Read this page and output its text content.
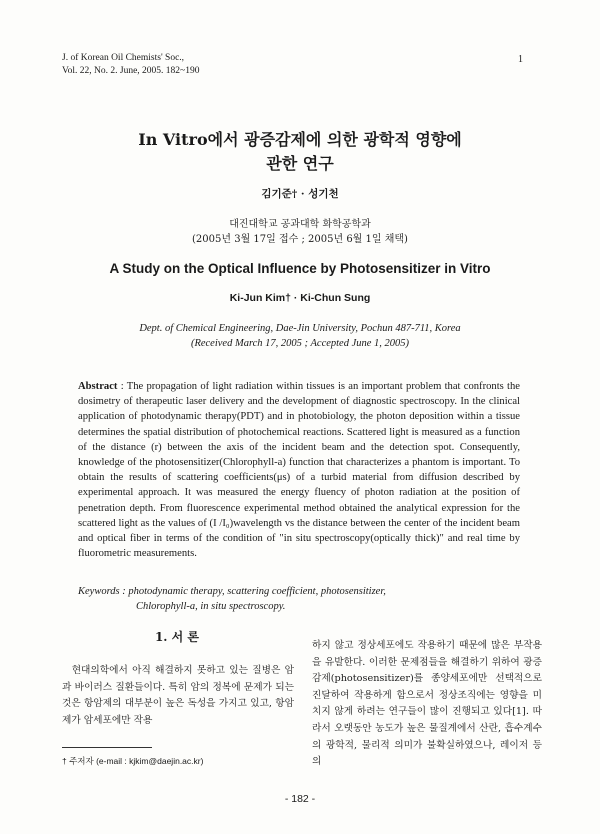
J. of Korean Oil Chemists' Soc.,
Vol. 22, No. 2. June, 2005. 182~190
1
In Vitro에서 광증감제에 의한 광학적 영향에
관한 연구
김기준† · 성기천
대진대학교 공과대학 화학공학과
(2005년 3월 17일 접수 ; 2005년 6월 1일 채택)
A Study on the Optical Influence by Photosensitizer in Vitro
Ki-Jun Kim† · Ki-Chun Sung
Dept. of Chemical Engineering, Dae-Jin University, Pochun 487-711, Korea
(Received March 17, 2005 ; Accepted June 1, 2005)
Abstract : The propagation of light radiation within tissues is an important problem that confronts the dosimetry of therapeutic laser delivery and the development of diagnostic spectroscopy. In the clinical application of photodynamic therapy(PDT) and in photobiology, the photon deposition within a tissue determines the spatial distribution of photochemical reactions. Scattered light is measured as a function of the distance (r) between the axis of the incident beam and the detection spot. Consequently, knowledge of the photosensitizer(Chlorophyll-a) function that characterizes a phantom is important. To obtain the results of scattering coefficients(μs) of a turbid material from diffusion described by experimental approach. It was measured the energy fluency of photon radiation at the position of penetration depth. From fluorescence experimental method obtained the analytical expression for the scattered light as the values of (I /I₀)wavelength vs the distance between the center of the incident beam and optical fiber in terms of the condition of "in situ spectroscopy(optically thick)" and real time by fluorometric measurements.
Keywords : photodynamic therapy, scattering coefficient, photosensitizer,
Chlorophyll-a, in situ spectroscopy.
1. 서 론
현대의학에서 아직 해결하지 못하고 있는 질병은 암과 바이러스 질환들이다. 특히 암의 정복에 문제가 되는 것은 항암제의 대부분이 높은 독성을 가지고 있고, 항암제가 암세포에만 작용
하지 않고 정상세포에도 작용하기 때문에 많은 부작용을 유발한다. 이러한 문제점들을 해결하기 위하여 광증감제(photosensitizer)를 종양세포에만 선택적으로 진달하여 작용하게 함으로서 정상조직에는 영향을 미치지 않게 하려는 연구들이 많이 진행되고 있다[1]. 따라서 오랫동안 농도가 높은 물질계에서 산란, 흡수계수의 광학적, 물리적 의미가 불확실하였으나, 레이저 등의
† 주저자 (e-mail : kjkim@daejin.ac.kr)
- 182 -
